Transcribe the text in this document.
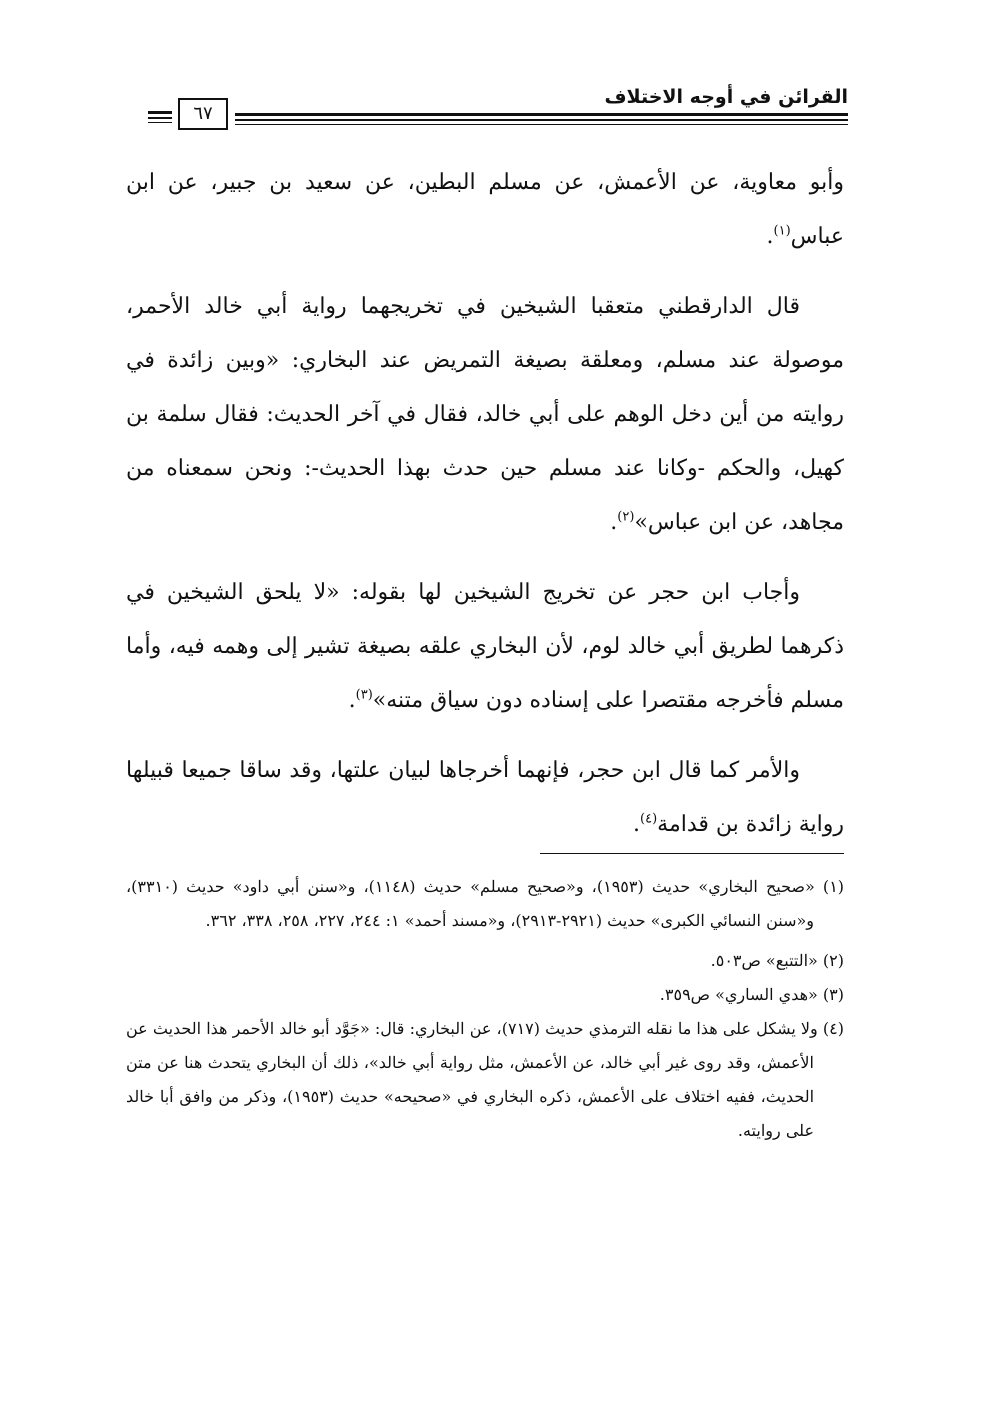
القرائن في أوجه الاختلاف
٦٧

وأبو معاوية، عن الأعمش، عن مسلم البطين، عن سعيد بن جبير، عن ابن عباس$^{(١)}$.

قال الدارقطني متعقبا الشيخين في تخريجهما رواية أبي خالد الأحمر، موصولة عند مسلم، ومعلقة بصيغة التمريض عند البخاري: «وبين زائدة في روايته من أين دخل الوهم على أبي خالد، فقال في آخر الحديث: فقال سلمة بن كهيل، والحكم -وكانا عند مسلم حين حدث بهذا الحديث-: ونحن سمعناه من مجاهد، عن ابن عباس»$^{(٢)}$.

وأجاب ابن حجر عن تخريج الشيخين لها بقوله: «لا يلحق الشيخين في ذكرهما لطريق أبي خالد لوم، لأن البخاري علقه بصيغة تشير إلى وهمه فيه، وأما مسلم فأخرجه مقتصرا على إسناده دون سياق متنه»$^{(٣)}$.

والأمر كما قال ابن حجر، فإنهما أخرجاها لبيان علتها، وقد ساقا جميعا قبيلها رواية زائدة بن قدامة$^{(٤)}$.

(١) «صحيح البخاري» حديث (١٩٥٣)، و«صحيح مسلم» حديث (١١٤٨)، و«سنن أبي داود» حديث (٣٣١٠)، و«سنن النسائي الكبرى» حديث (٢٩٢١-٢٩١٣)، و«مسند أحمد» ١: ٢٤٤، ٢٢٧، ٢٥٨، ٣٣٨، ٣٦٢.

(٢) «التتبع» ص٥٠٣.

(٣) «هدي الساري» ص٣٥٩.

(٤) ولا يشكل على هذا ما نقله الترمذي حديث (٧١٧)، عن البخاري: قال: «جَوَّد أبو خالد الأحمر هذا الحديث عن الأعمش، وقد روى غير أبي خالد، عن الأعمش، مثل رواية أبي خالد»، ذلك أن البخاري يتحدث هنا عن متن الحديث، ففيه اختلاف على الأعمش، ذكره البخاري في «صحيحه» حديث (١٩٥٣)، وذكر من وافق أبا خالد على روايته.
